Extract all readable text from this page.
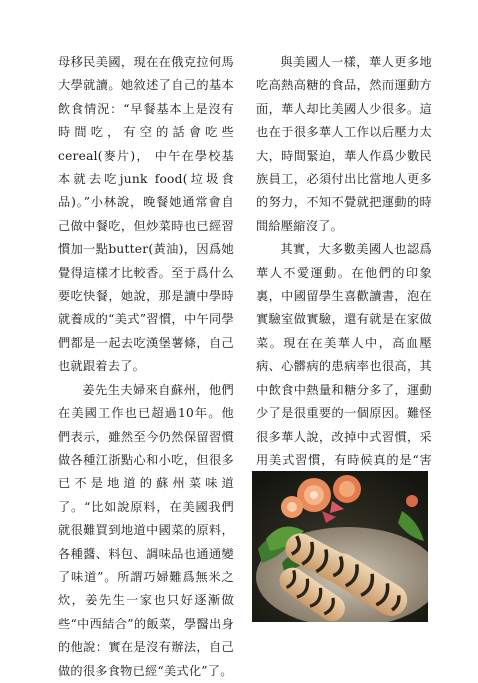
母移民美國，現在在俄克拉何馬大學就讀。她敘述了自己的基本飲食情況：“早餐基本上是沒有時間吃，有空的話會吃些cereal(麥片)， 中午在學校基本就去吃junk food(垃圾食品)。”小林說，晚餐她通常會自己做中餐吃，但炒菜時也已經習慣加一點butter(黃油)，因爲她覺得這樣才比較香。至于爲什么要吃快餐，她說，那是讀中學時就養成的“美式”習慣，中午同學們都是一起去吃漢堡薯條，自己也就跟着去了。

姜先生夫婦來自蘇州，他們在美國工作也已超過10年。他們表示，雖然至今仍然保留習慣做各種江浙點心和小吃，但很多已不是地道的蘇州菜味道了。“比如說原料，在美國我們就很難買到地道中國菜的原料，各種醬、料包、調味品也通通變了味道”。所謂巧婦難爲無米之炊，姜先生一家也只好逐漸做些“中西結合”的飯菜，學醫出身的他說：實在是沒有辦法，自己做的很多食物已經“美式化”了。

與美國人一樣，華人更多地吃高熱高糖的食品，然而運動方面，華人却比美國人少很多。這也在于很多華人工作以后壓力太大，時間緊迫，華人作爲少數民族員工，必須付出比當地人更多的努力，不知不覺就把運動的時間給壓縮沒了。

其實，大多數美國人也認爲華人不愛運動。在他們的印象裏，中國留學生喜歡讀書，泡在實驗室做實驗，還有就是在家做菜。現在在美華人中，高血壓病、心髒病的患病率也很高，其中飲食中熱量和糖分多了，運動少了是很重要的一個原因。難怪很多華人說，改掉中式習慣，采用美式習慣，有時候真的是“害
